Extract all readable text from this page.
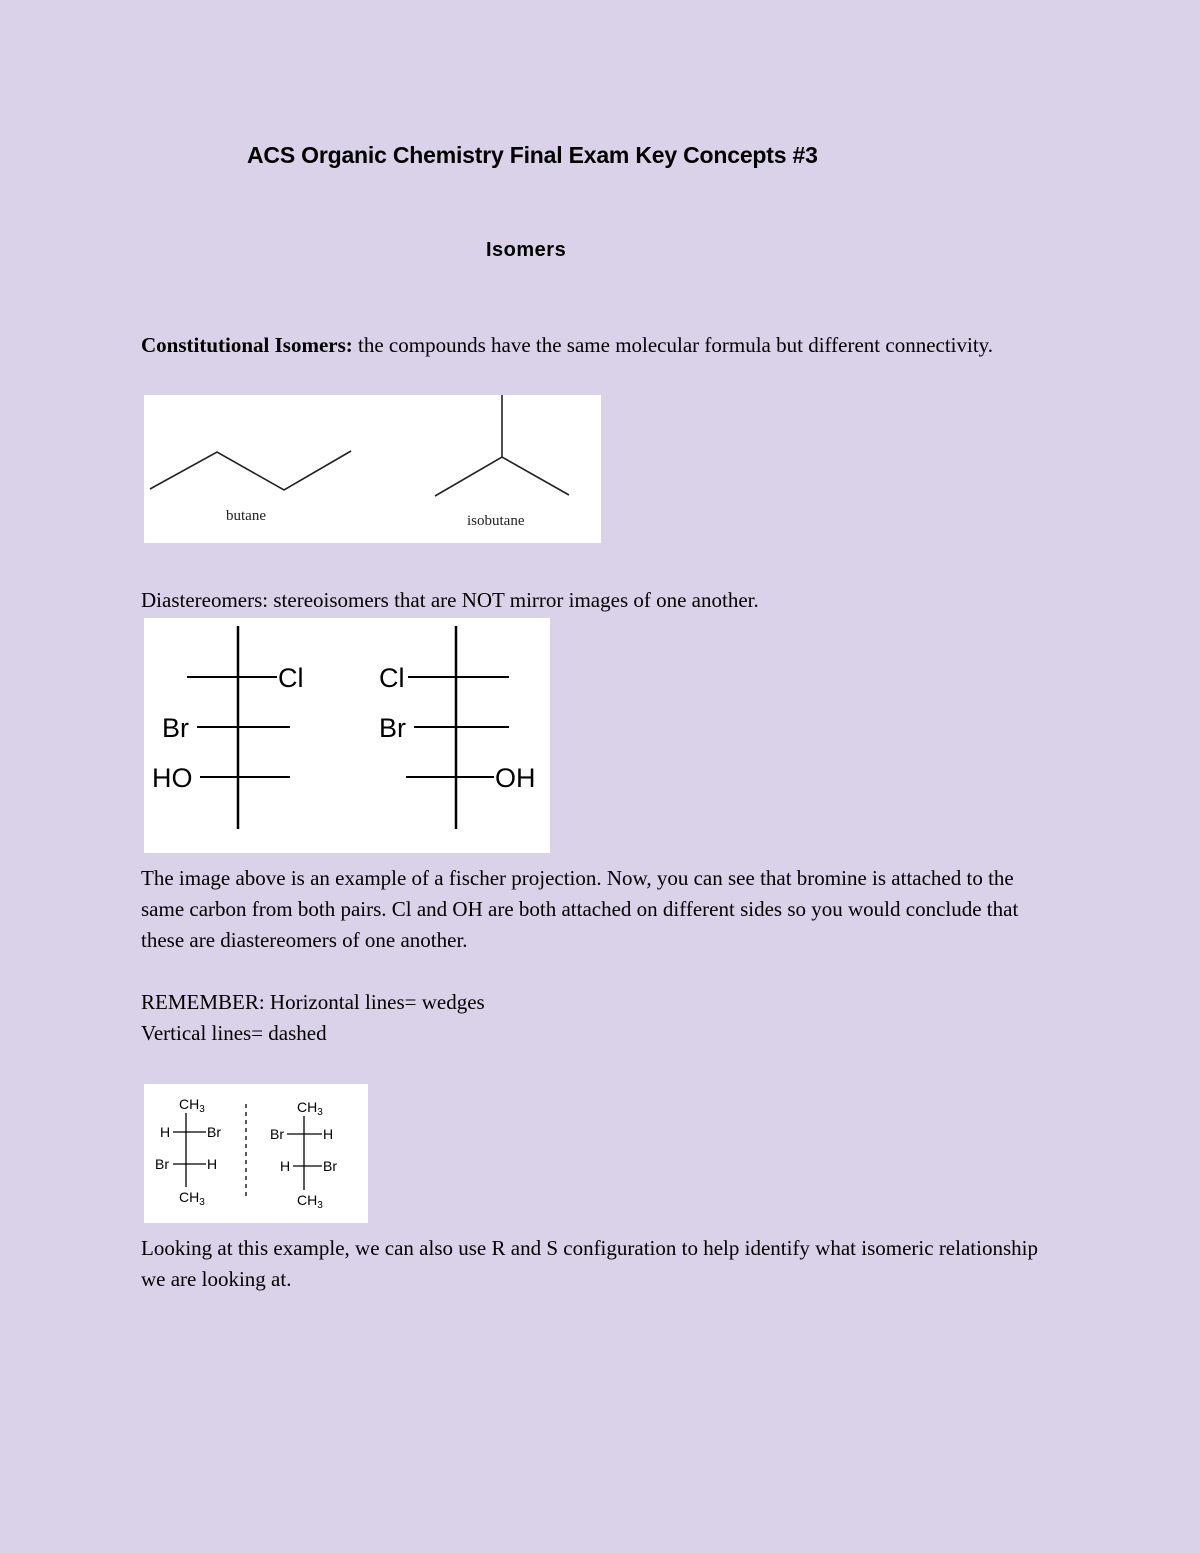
ACS Organic Chemistry Final Exam Key Concepts #3
Isomers

Constitutional Isomers: the compounds have the same molecular formula but different connectivity.

butane	isobutane

Diastereomers: stereoisomers that are NOT mirror images of one another.

Cl
Br
HO
Cl
Br
OH

The image above is an example of a fischer projection. Now, you can see that bromine is attached to the same carbon from both pairs. Cl and OH are both attached on different sides so you would conclude that these are diastereomers of one another.

REMEMBER: Horizontal lines= wedges

Vertical lines= dashed

$CH_3$
H	Br
Br	H
$CH_3$
$CH_3$
Br	H
H Br
$CH_3$

Looking at this example, we can also use R and S configuration to help identify what isomeric relationship we are looking at.
